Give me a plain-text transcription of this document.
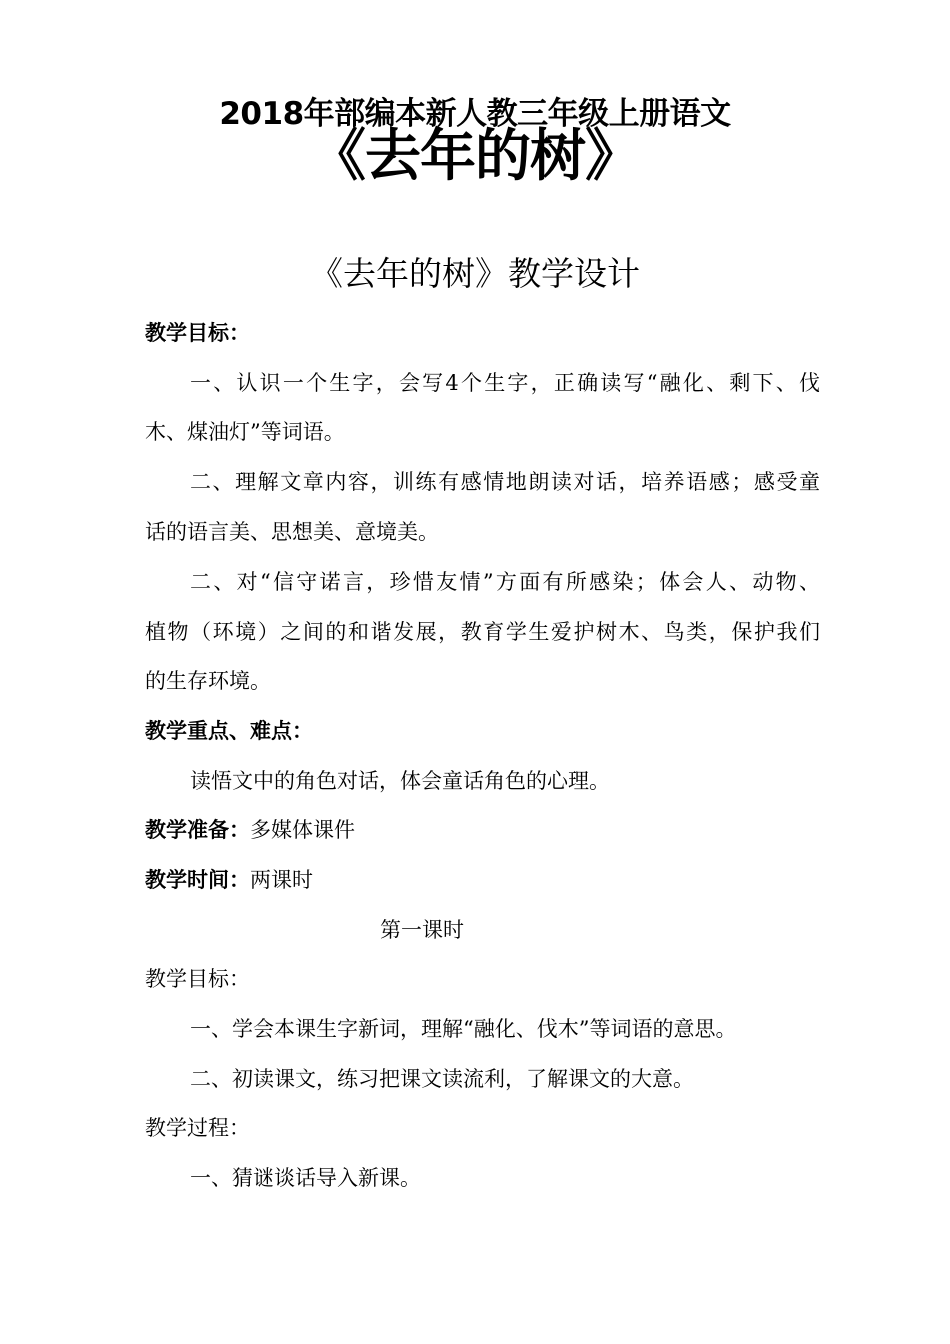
2018年部编本新人教三年级上册语文
《去年的树》
《去年的树》教学设计
教学目标：
一、认识一个生字，会写4个生字，正确读写“融化、剩下、伐
木、煤油灯”等词语。
二、理解文章内容，训练有感情地朗读对话，培养语感；感受童
话的语言美、思想美、意境美。
二、对“信守诺言，珍惜友情”方面有所感染；体会人、动物、
植物（环境）之间的和谐发展，教育学生爱护树木、鸟类，保护我们
的生存环境。
教学重点、难点：
读悟文中的角色对话，体会童话角色的心理。
教学准备：多媒体课件
教学时间：两课时
第一课时
教学目标：
一、学会本课生字新词，理解“融化、伐木”等词语的意思。
二、初读课文，练习把课文读流利，了解课文的大意。
教学过程：
一、猜谜谈话导入新课。
